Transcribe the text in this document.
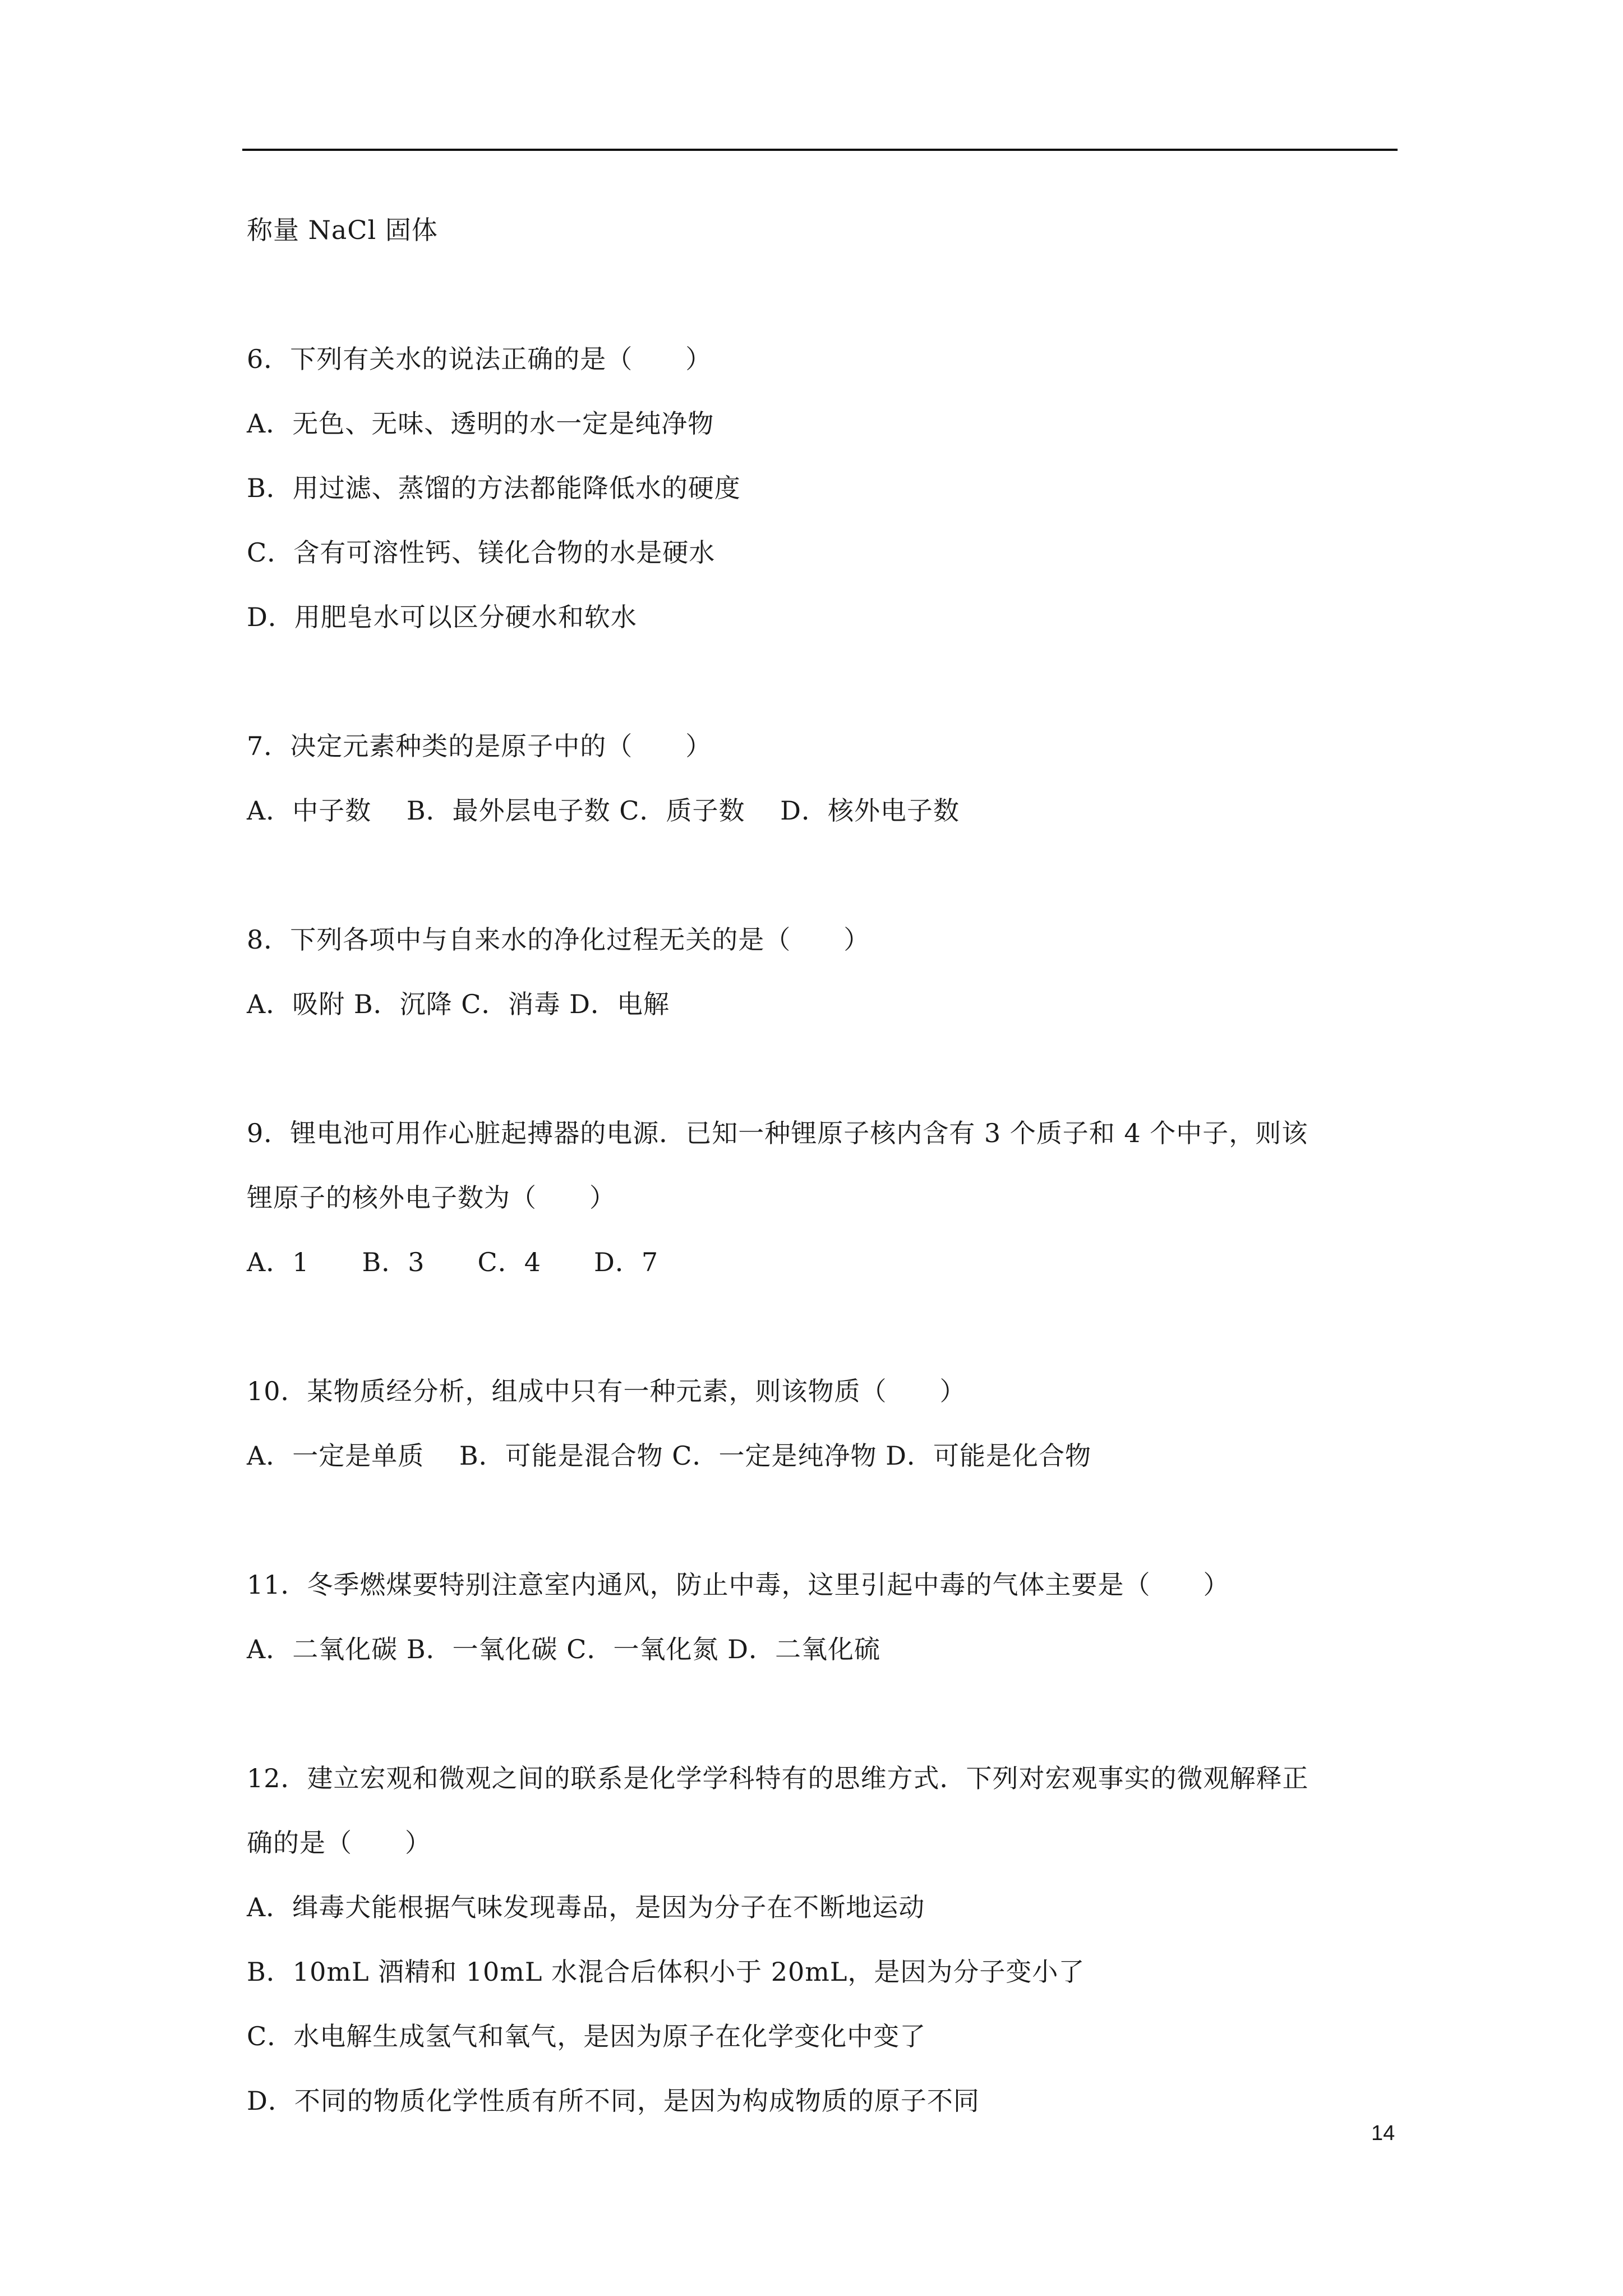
称量 NaCl 固体
6．下列有关水的说法正确的是（　　）
A．无色、无味、透明的水一定是纯净物
B．用过滤、蒸馏的方法都能降低水的硬度
C．含有可溶性钙、镁化合物的水是硬水
D．用肥皂水可以区分硬水和软水
7．决定元素种类的是原子中的（　　）
A．中子数　 B．最外层电子数 C．质子数　 D．核外电子数
8．下列各项中与自来水的净化过程无关的是（　　）
A．吸附 B．沉降 C．消毒 D．电解
9．锂电池可用作心脏起搏器的电源．已知一种锂原子核内含有 3 个质子和 4 个中子，则该
锂原子的核外电子数为（　　）
A．1　　B．3　　C．4　　D．7
10．某物质经分析，组成中只有一种元素，则该物质（　　）
A．一定是单质　 B．可能是混合物 C．一定是纯净物 D．可能是化合物
11．冬季燃煤要特别注意室内通风，防止中毒，这里引起中毒的气体主要是（　　）
A．二氧化碳 B．一氧化碳 C．一氧化氮 D．二氧化硫
12．建立宏观和微观之间的联系是化学学科特有的思维方式．下列对宏观事实的微观解释正
确的是（　　）
A．缉毒犬能根据气味发现毒品，是因为分子在不断地运动
B．10mL 酒精和 10mL 水混合后体积小于 20mL，是因为分子变小了
C．水电解生成氢气和氧气，是因为原子在化学变化中变了
D．不同的物质化学性质有所不同，是因为构成物质的原子不同
14
